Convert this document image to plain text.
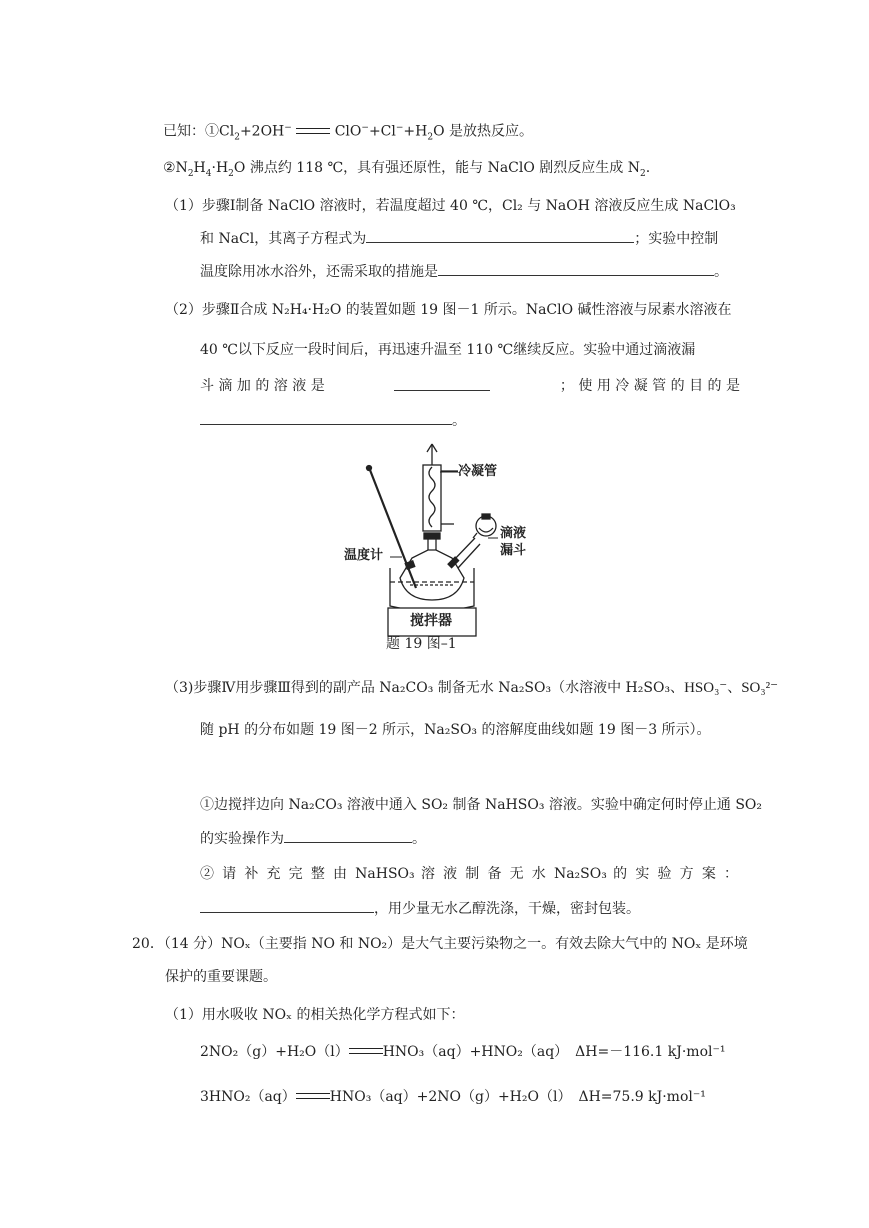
已知：$①Cl_2+2OH^-$	$ClO^-+Cl^-+H_2O$ 是放热反应。
$②N_2H_4\cdot H_2O$ 沸点约 118 ℃，具有强还原性，能与 NaClO 剧烈反应生成 $N_2$.
（1）步骤Ⅰ制备 NaClO 溶液时，若温度超过 40 ℃，Cl₂ 与 NaOH 溶液反应生成 NaClO₃
和 NaCl，其离子方程式为	；实验中控制
温度除用冰水浴外，还需采取的措施是	。
（2）步骤Ⅱ合成 N₂H₄·H₂O 的装置如题 19 图－1 所示。NaClO 碱性溶液与尿素水溶液在
40 ℃以下反应一段时间后，再迅速升温至 110 ℃继续反应。实验中通过滴液漏
斗 滴 加 的 溶 液 是	； 使 用 冷 凝 管 的 目 的 是
。
冷凝管
滴液
漏斗
温度计
搅拌器
题 19 图–1
（3)步骤Ⅳ用步骤Ⅲ得到的副产品 Na₂CO₃ 制备无水 Na₂SO₃（水溶液中 H₂SO₃、HSO₃⁻、SO₃²⁻
随 pH 的分布如题 19 图－2 所示，Na₂SO₃ 的溶解度曲线如题 19 图－3 所示）。
①边搅拌边向 Na₂CO₃ 溶液中通入 SO₂ 制备 NaHSO₃ 溶液。实验中确定何时停止通 SO₂
的实验操作为	。
② 请 补 充 完 整 由 NaHSO₃ 溶 液 制 备 无 水 Na₂SO₃ 的 实 验 方 案 ：
，用少量无水乙醇洗涤，干燥，密封包装。
20．（14 分）NOₓ（主要指 NO 和 NO₂）是大气主要污染物之一。有效去除大气中的 NOₓ 是环境
保护的重要课题。
（1）用水吸收 NOₓ 的相关热化学方程式如下：
2NO₂（g）+H₂O（l） HNO₃（aq）+HNO₂（aq）　ΔH=－116.1 kJ·mol⁻¹
3HNO₂（aq） HNO₃（aq）+2NO（g）+H₂O（l）　ΔH=75.9 kJ·mol⁻¹
